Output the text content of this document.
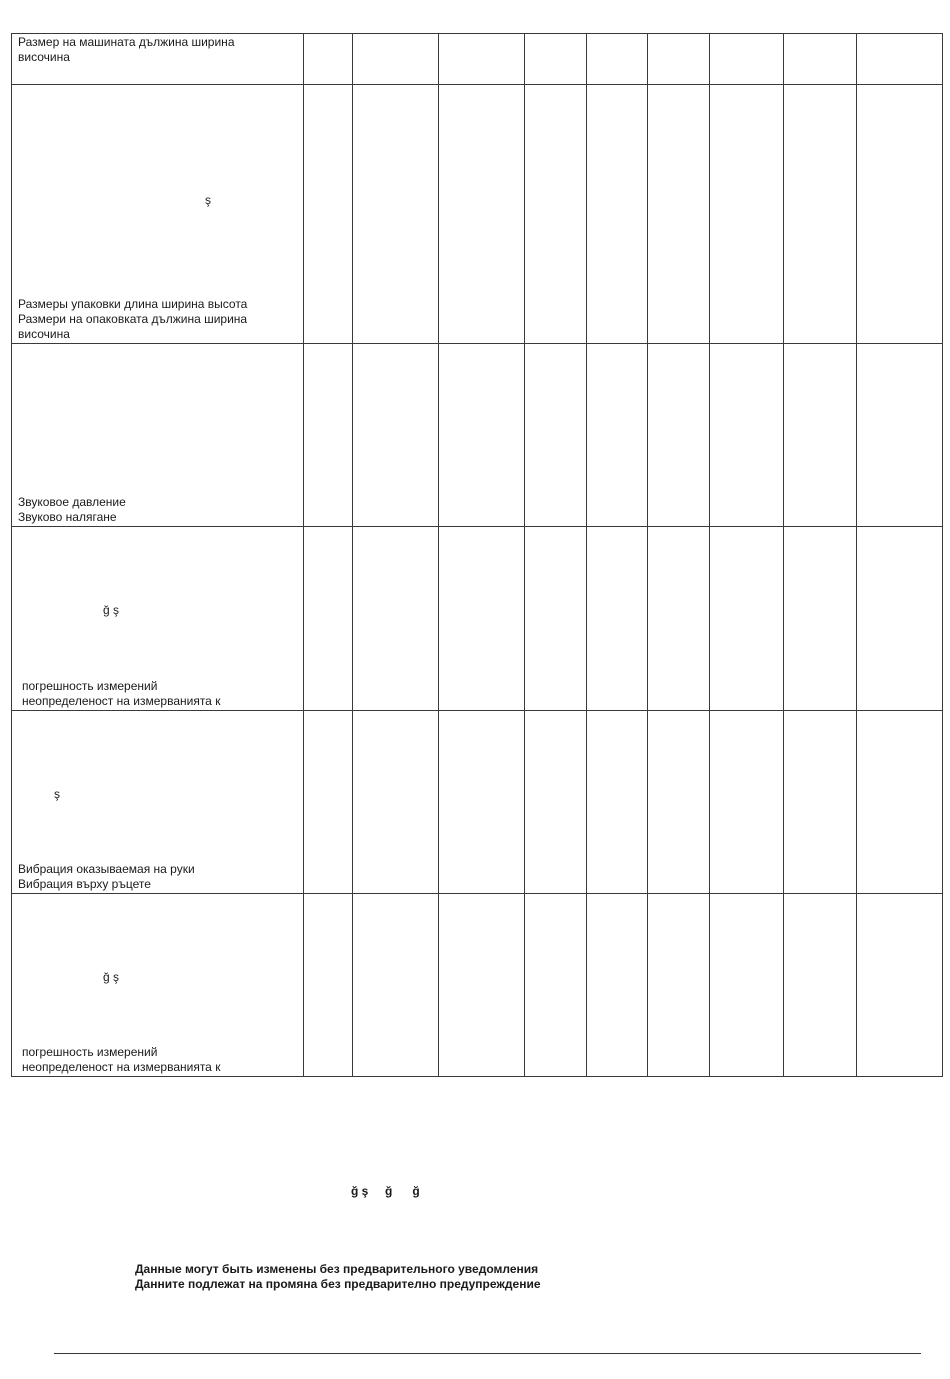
Размер на машината дължина ширина
височина									

ş
Размеры упаковки длина ширина высота
Размери на опаковката дължина ширина
височина									

Звуковое давление
Звуково налягане									

ğ ş
погрешность измерений
неопределеност на измерванията к									

ş
Вибрация оказываемая на руки
Вибрация върху ръцете									

ğ ş
погрешность измерений
неопределеност на измерванията к									

ğ ş     ğ      ğ
Данные могут быть изменены без предварительного уведомления
Данните подлежат на промяна без предварително предупреждение
